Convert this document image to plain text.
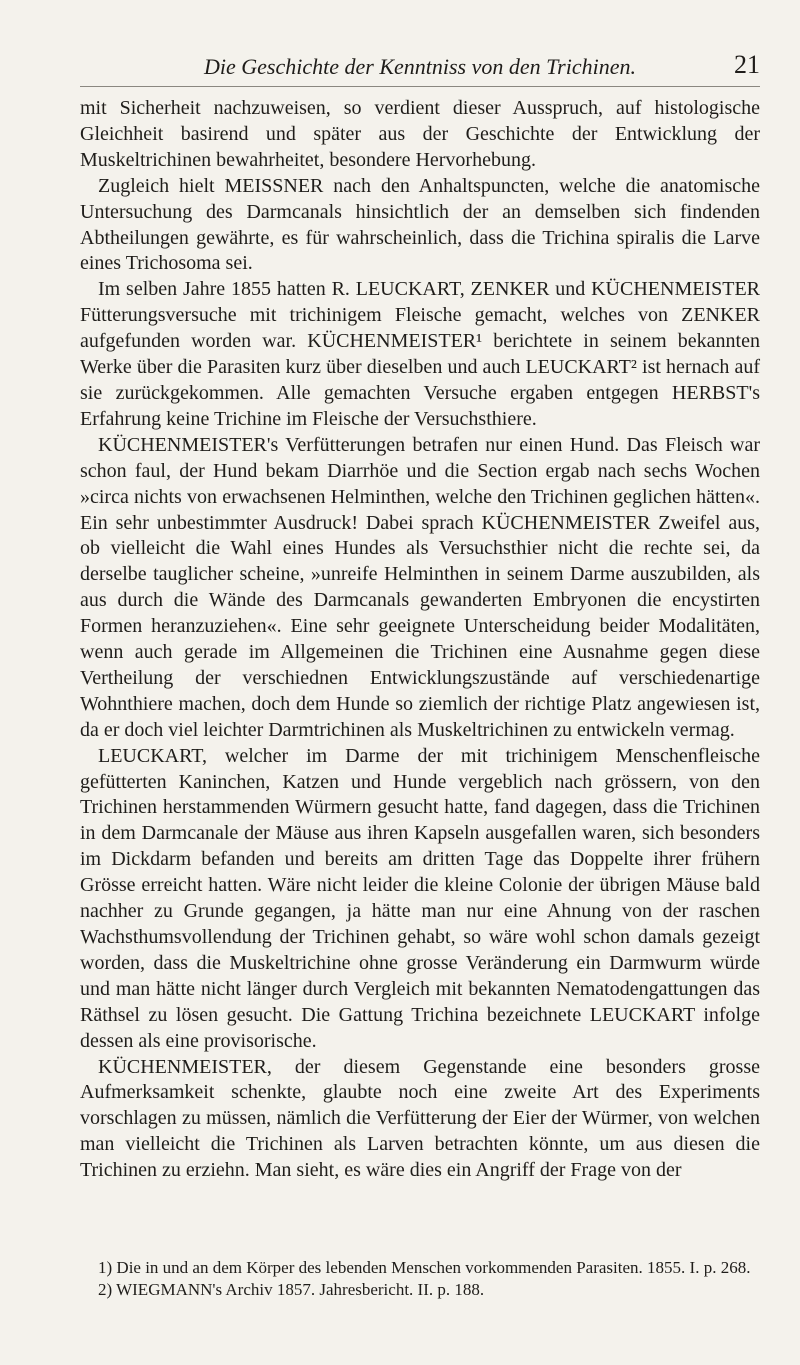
Die Geschichte der Kenntniss von den Trichinen.	21

mit Sicherheit nachzuweisen, so verdient dieser Ausspruch, auf histologische Gleichheit basirend und später aus der Geschichte der Entwicklung der Muskeltrichinen bewahrheitet, besondere Hervorhebung.

Zugleich hielt MEISSNER nach den Anhaltspuncten, welche die anatomische Untersuchung des Darmcanals hinsichtlich der an demselben sich findenden Abtheilungen gewährte, es für wahrscheinlich, dass die Trichina spiralis die Larve eines Trichosoma sei.

Im selben Jahre 1855 hatten R. LEUCKART, ZENKER und KÜCHENMEISTER Fütterungsversuche mit trichinigem Fleische gemacht, welches von ZENKER aufgefunden worden war. KÜCHENMEISTER¹ berichtete in seinem bekannten Werke über die Parasiten kurz über dieselben und auch LEUCKART² ist hernach auf sie zurückgekommen. Alle gemachten Versuche ergaben entgegen HERBST's Erfahrung keine Trichine im Fleische der Versuchsthiere.

KÜCHENMEISTER's Verfütterungen betrafen nur einen Hund. Das Fleisch war schon faul, der Hund bekam Diarrhöe und die Section ergab nach sechs Wochen »circa nichts von erwachsenen Helminthen, welche den Trichinen geglichen hätten«. Ein sehr unbestimmter Ausdruck! Dabei sprach KÜCHENMEISTER Zweifel aus, ob vielleicht die Wahl eines Hundes als Versuchsthier nicht die rechte sei, da derselbe tauglicher scheine, »unreife Helminthen in seinem Darme auszubilden, als aus durch die Wände des Darmcanals gewanderten Embryonen die encystirten Formen heranzuziehen«. Eine sehr geeignete Unterscheidung beider Modalitäten, wenn auch gerade im Allgemeinen die Trichinen eine Ausnahme gegen diese Vertheilung der verschiednen Entwicklungszustände auf verschiedenartige Wohnthiere machen, doch dem Hunde so ziemlich der richtige Platz angewiesen ist, da er doch viel leichter Darmtrichinen als Muskeltrichinen zu entwickeln vermag.

LEUCKART, welcher im Darme der mit trichinigem Menschenfleische gefütterten Kaninchen, Katzen und Hunde vergeblich nach grössern, von den Trichinen herstammenden Würmern gesucht hatte, fand dagegen, dass die Trichinen in dem Darmcanale der Mäuse aus ihren Kapseln ausgefallen waren, sich besonders im Dickdarm befanden und bereits am dritten Tage das Doppelte ihrer frühern Grösse erreicht hatten. Wäre nicht leider die kleine Colonie der übrigen Mäuse bald nachher zu Grunde gegangen, ja hätte man nur eine Ahnung von der raschen Wachsthumsvollendung der Trichinen gehabt, so wäre wohl schon damals gezeigt worden, dass die Muskeltrichine ohne grosse Veränderung ein Darmwurm würde und man hätte nicht länger durch Vergleich mit bekannten Nematodengattungen das Räthsel zu lösen gesucht. Die Gattung Trichina bezeichnete LEUCKART infolge dessen als eine provisorische.

KÜCHENMEISTER, der diesem Gegenstande eine besonders grosse Aufmerksamkeit schenkte, glaubte noch eine zweite Art des Experiments vorschlagen zu müssen, nämlich die Verfütterung der Eier der Würmer, von welchen man vielleicht die Trichinen als Larven betrachten könnte, um aus diesen die Trichinen zu erziehn. Man sieht, es wäre dies ein Angriff der Frage von der

1) Die in und an dem Körper des lebenden Menschen vorkommenden Parasiten. 1855. I. p. 268.

2) WIEGMANN's Archiv 1857. Jahresbericht. II. p. 188.
